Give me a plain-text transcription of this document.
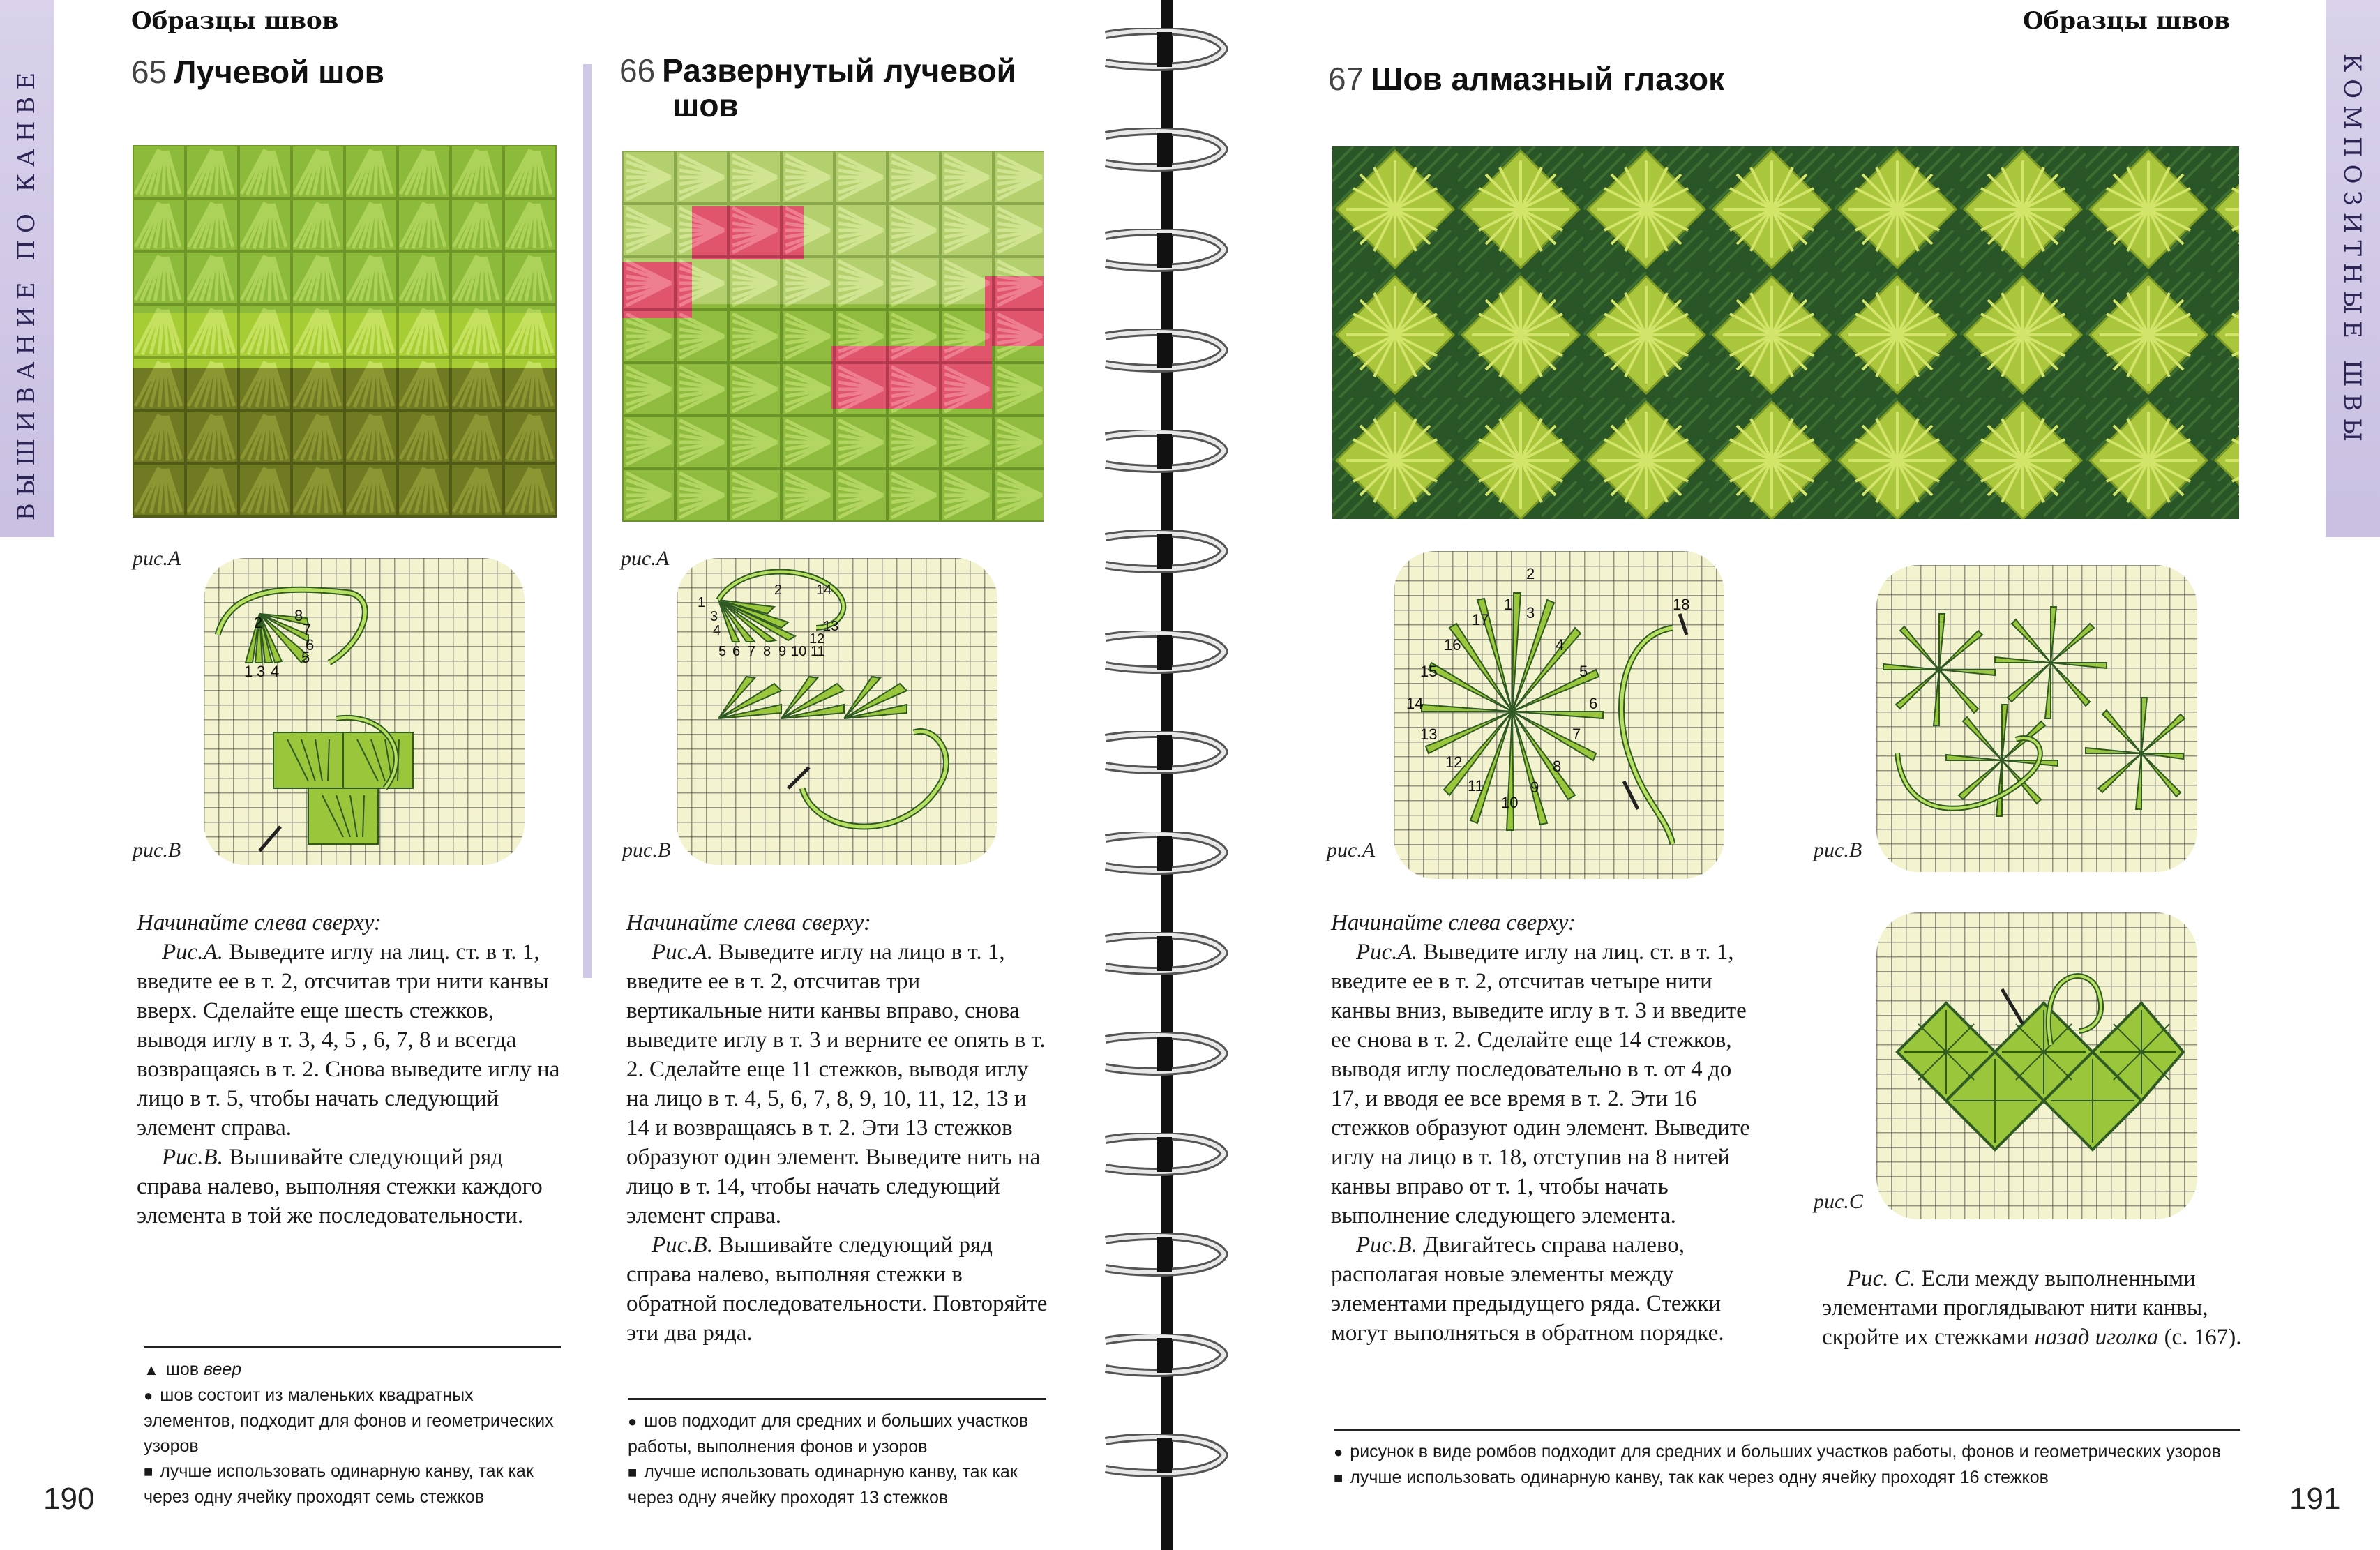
ВЫШИВАНИЕ ПО КАНВЕ
Образцы швов
65 Лучевой шов
рис.A
1 3 4
8
7
6
5
2
рис.B

Начинайте слева сверху:

Рис.А. Выведите иглу на лиц. ст. в т. 1, введите ее в т. 2, отсчитав три нити канвы вверх. Сделайте еще шесть стежков, выводя иглу в т. 3, 4, 5 , 6, 7, 8 и всегда возвращаясь в т. 2. Снова выведите иглу на лицо в т. 5, чтобы начать следующий элемент справа.

Рис.В. Вышивайте следующий ряд справа налево, выполняя стежки каждого элемента в той же последовательности.

▲ шов веер

● шов состоит из маленьких квадратных элементов, подходит для фонов и геометрических узоров

■ лучше использовать одинарную канву, так как через одну ячейку проходят семь стежков

190
66 Развернутый лучевой
шов
рис.A
1
3
4
5 6 7 8 9 10 11
12
13
14
2
рис.B

Начинайте слева сверху:

Рис.А. Выведите иглу на лицо в т. 1, введите ее в т. 2, отсчитав три вертикальные нити канвы вправо, снова выведите иглу в т. 3 и верните ее опять в т. 2. Сделайте еще 11 стежков, выводя иглу на лицо в т. 4, 5, 6, 7, 8, 9, 10, 11, 12, 13 и 14 и возвращаясь в т. 2. Эти 13 стежков образуют один элемент. Выведите нить на лицо в т. 14, чтобы начать следующий элемент справа.

Рис.В. Вышивайте следующий ряд справа налево, выполняя стежки в обратной последовательности. Повторяйте эти два ряда.

● шов подходит для средних и больших участков работы, выполнения фонов и узоров

■ лучше использовать одинарную канву, так как через одну ячейку проходят 13 стежков

КОМПОЗИТНЫЕ ШВЫ
Образцы швов
67 Шов алмазный глазок
2
1 3
4
5
6
7
8
9
10
11
12
13
14
15
16
17
18
рис.A	рис.B
рис.C

Начинайте слева сверху:

Рис.А. Выведите иглу на лиц. ст. в т. 1, введите ее в т. 2, отсчитав четыре нити канвы вниз, выведите иглу в т. 3 и введите ее снова в т. 2. Сделайте еще 14 стежков, выводя иглу последовательно в т. от 4 до 17, и вводя ее все время в т. 2. Эти 16 стежков образуют один элемент. Выведите иглу на лицо в т. 18, отступив на 8 нитей канвы вправо от т. 1, чтобы начать выполнение следующего элемента.

Рис.В. Двигайтесь справа налево, располагая новые элементы между элементами предыдущего ряда. Стежки могут выполняться в обратном порядке.

Рис. С. Если между выполненными элементами проглядывают нити канвы, скройте их стежками назад иголка (с. 167).

● рисунок в виде ромбов подходит для средних и больших участков работы, фонов и геометрических узоров

■ лучше использовать одинарную канву, так как через одну ячейку проходят 16 стежков

191
